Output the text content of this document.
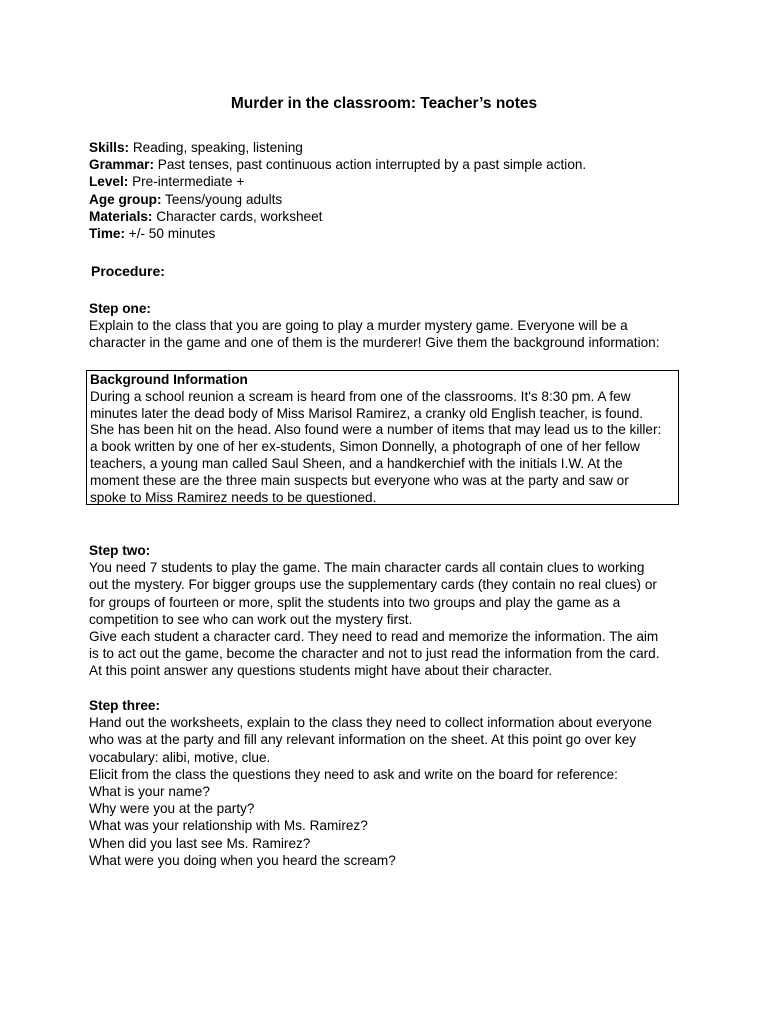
Murder in the classroom: Teacher’s notes

Skills: Reading, speaking, listening

Grammar: Past tenses, past continuous action interrupted by a past simple action.

Level: Pre-intermediate +

Age group: Teens/young adults

Materials: Character cards, worksheet

Time: +/- 50 minutes

Procedure:

Step one:

Explain to the class that you are going to play a murder mystery game. Everyone will be a
character in the game and one of them is the murderer! Give them the background information:

Background Information
During a school reunion a scream is heard from one of the classrooms. It's 8:30 pm. A few
minutes later the dead body of Miss Marisol Ramirez, a cranky old English teacher, is found.
She has been hit on the head. Also found were a number of items that may lead us to the killer:
a book written by one of her ex-students, Simon Donnelly, a photograph of one of her fellow
teachers, a young man called Saul Sheen, and a handkerchief with the initials I.W. At the
moment these are the three main suspects but everyone who was at the party and saw or
spoke to Miss Ramirez needs to be questioned.

Step two:

You need 7 students to play the game. The main character cards all contain clues to working
out the mystery. For bigger groups use the supplementary cards (they contain no real clues) or
for groups of fourteen or more, split the students into two groups and play the game as a
competition to see who can work out the mystery first.
Give each student a character card. They need to read and memorize the information. The aim
is to act out the game, become the character and not to just read the information from the card.
At this point answer any questions students might have about their character.

Step three:

Hand out the worksheets, explain to the class they need to collect information about everyone
who was at the party and fill any relevant information on the sheet. At this point go over key
vocabulary: alibi, motive, clue.
Elicit from the class the questions they need to ask and write on the board for reference:
What is your name?
Why were you at the party?
What was your relationship with Ms. Ramirez?
When did you last see Ms. Ramirez?
What were you doing when you heard the scream?
